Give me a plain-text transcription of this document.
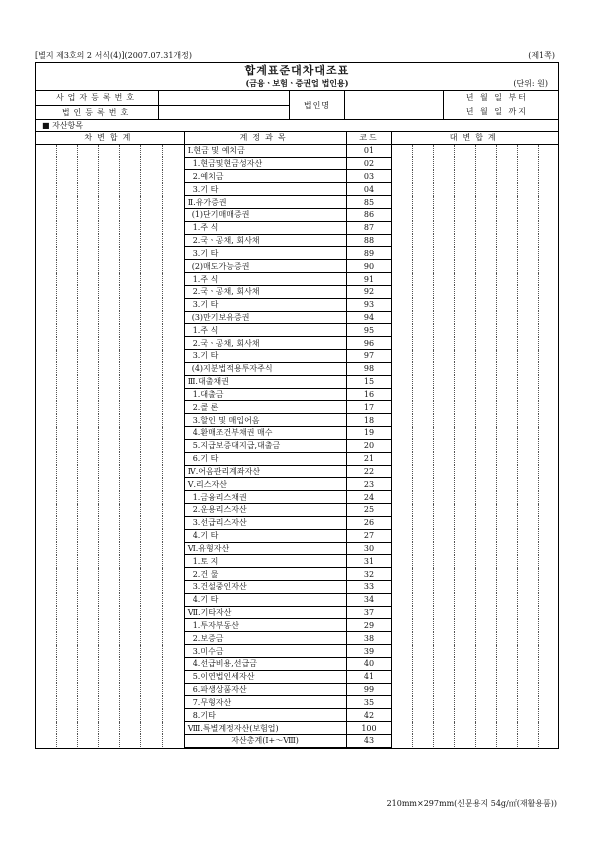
[별지 제3호의 2 서식(4)](2007.07.31개정)	(제1쪽)
합계표준대차대조표
(금융ㆍ보험ㆍ증권업 법인용)	(단위: 원)
사업자등록번호
법인등록번호
법인명
년 월 일 부터
년 월 일 까지
■ 자산항목
차변합계							계정과목	코드	대변합계							
							Ⅰ.현금 및 예치금	01								
							1.현금및현금성자산	02								
							2.예치금	03								
							3.기 타	04								
							Ⅱ.유가증권	85								
							(1)단기매매증권	86								
							1.주 식	87								
							2.국ㆍ공채, 회사채	88								
							3.기 타	89								
							(2)매도가능증권	90								
							1.주 식	91								
							2.국ㆍ공채, 회사채	92								
							3.기 타	93								
							(3)만기보유증권	94								
							1.주 식	95								
							2.국ㆍ공채, 회사채	96								
							3.기 타	97								
							(4)지분법적용투자주식	98								
							Ⅲ.대출채권	15								
							1.대출금	16								
							2.콜 론	17								
							3.할인 및 매입어음	18								
							4.환매조건부채권 매수	19								
							5.지급보증대지급,대출금	20								
							6.기 타	21								
							Ⅳ.어음관리계좌자산	22								
							Ⅴ.리스자산	23								
							1.금융리스채권	24								
							2.운용리스자산	25								
							3.선급리스자산	26								
							4.기 타	27								
							Ⅵ.유형자산	30								
							1.토 지	31								
							2.건 물	32								
							3.건설중인자산	33								
							4.기 타	34								
							Ⅶ.기타자산	37								
							1.투자부동산	29								
							2.보증금	38								
							3.미수금	39								
							4.선급비용,선급금	40								
							5.이연법인세자산	41								
							6.파생상품자산	99								
							7.무형자산	35								
							8.기타	42								
							Ⅷ.특별계정자산(보험업)	100								
							자산총계(Ⅰ+～Ⅷ)	43								
210mm×297mm(신문용지 54g/㎡(재활용품))
